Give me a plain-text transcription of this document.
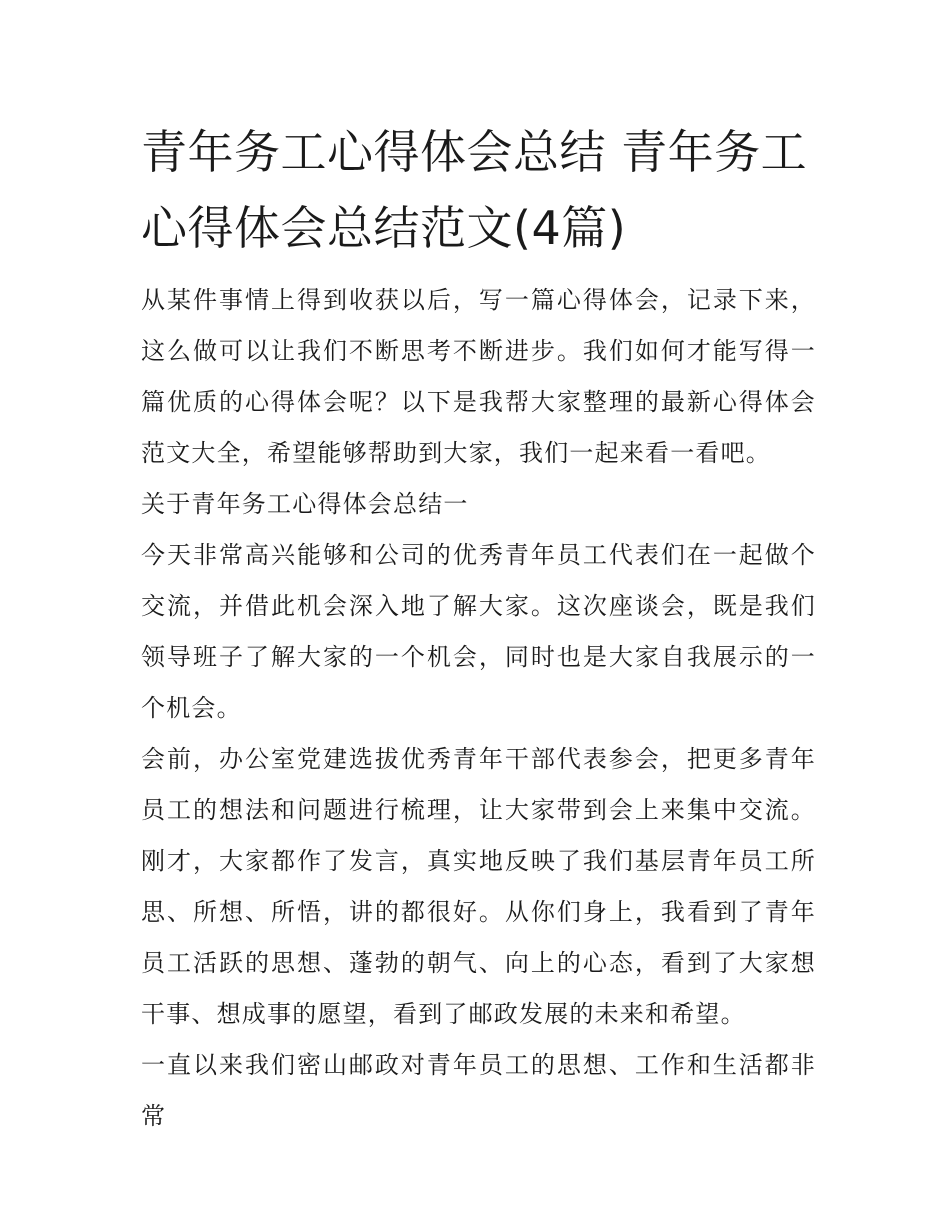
青年务工心得体会总结 青年务工心得体会总结范文(4篇)

从某件事情上得到收获以后，写一篇心得体会，记录下来，这么做可以让我们不断思考不断进步。我们如何才能写得一篇优质的心得体会呢？以下是我帮大家整理的最新心得体会范文大全，希望能够帮助到大家，我们一起来看一看吧。

关于青年务工心得体会总结一

今天非常高兴能够和公司的优秀青年员工代表们在一起做个交流，并借此机会深入地了解大家。这次座谈会，既是我们领导班子了解大家的一个机会，同时也是大家自我展示的一个机会。

会前，办公室党建选拔优秀青年干部代表参会，把更多青年员工的想法和问题进行梳理，让大家带到会上来集中交流。刚才，大家都作了发言，真实地反映了我们基层青年员工所思、所想、所悟，讲的都很好。从你们身上，我看到了青年员工活跃的思想、蓬勃的朝气、向上的心态，看到了大家想干事、想成事的愿望，看到了邮政发展的未来和希望。

一直以来我们密山邮政对青年员工的思想、工作和生活都非常
